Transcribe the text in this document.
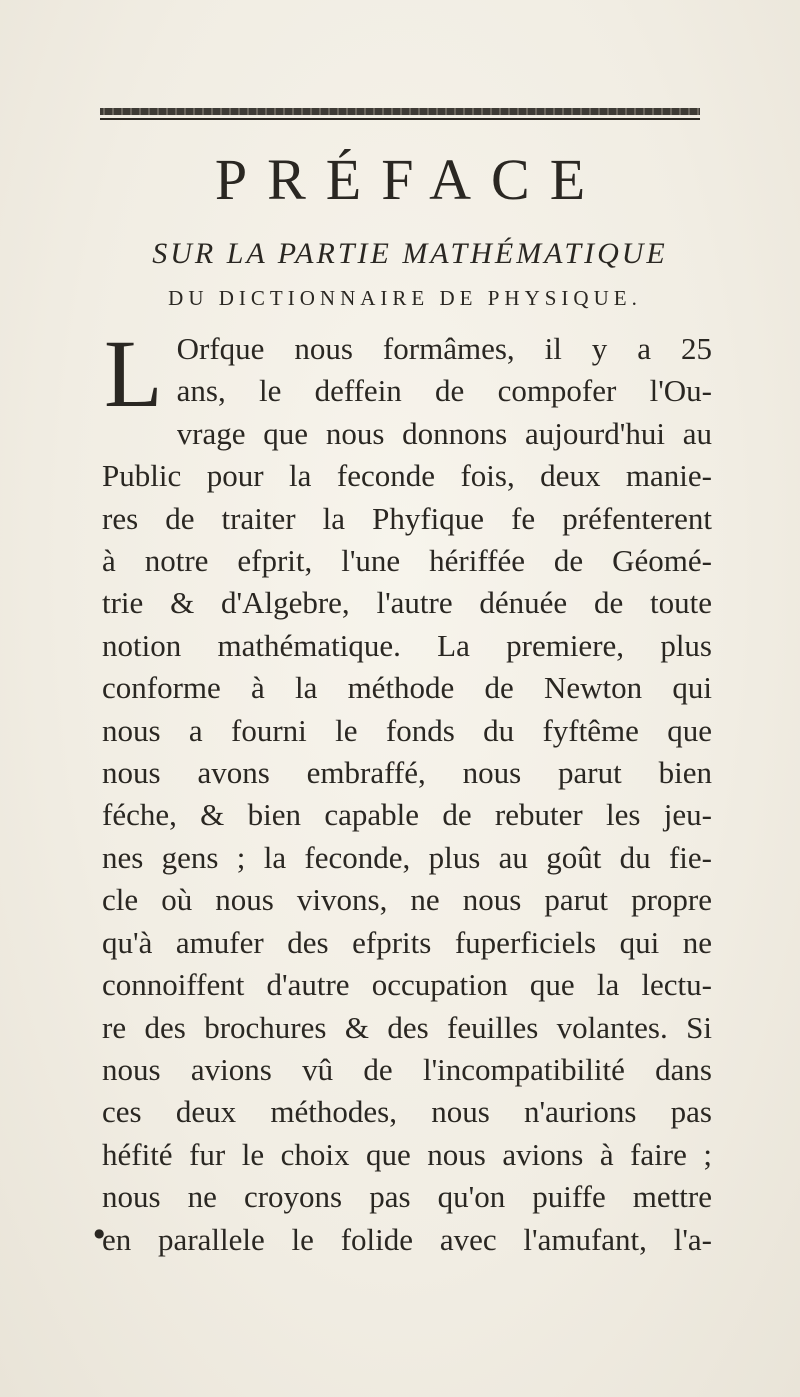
PRÉFACE
SUR LA PARTIE MATHÉMATIQUE
DU DICTIONNAIRE DE PHYSIQUE.
L Orfque nous formâmes, il y a 25
ans, le deffein de compofer l'Ou-
vrage que nous donnons aujourd'hui au
Public pour la feconde fois, deux manie-
res de traiter la Phyfique fe préfenterent
à notre efprit, l'une hériffée de Géomé-
trie & d'Algebre, l'autre dénuée de toute
notion mathématique. La premiere, plus
conforme à la méthode de Newton qui
nous a fourni le fonds du fyftême que
nous avons embraffé, nous parut bien
féche, & bien capable de rebuter les jeu-
nes gens ; la feconde, plus au goût du fie-
cle où nous vivons, ne nous parut propre
qu'à amufer des efprits fuperficiels qui ne
connoiffent d'autre occupation que la lectu-
re des brochures & des feuilles volantes. Si
nous avions vû de l'incompatibilité dans
ces deux méthodes, nous n'aurions pas
héfité fur le choix que nous avions à faire ;
nous ne croyons pas qu'on puiffe mettre
en parallele le folide avec l'amufant, l'a-
●
